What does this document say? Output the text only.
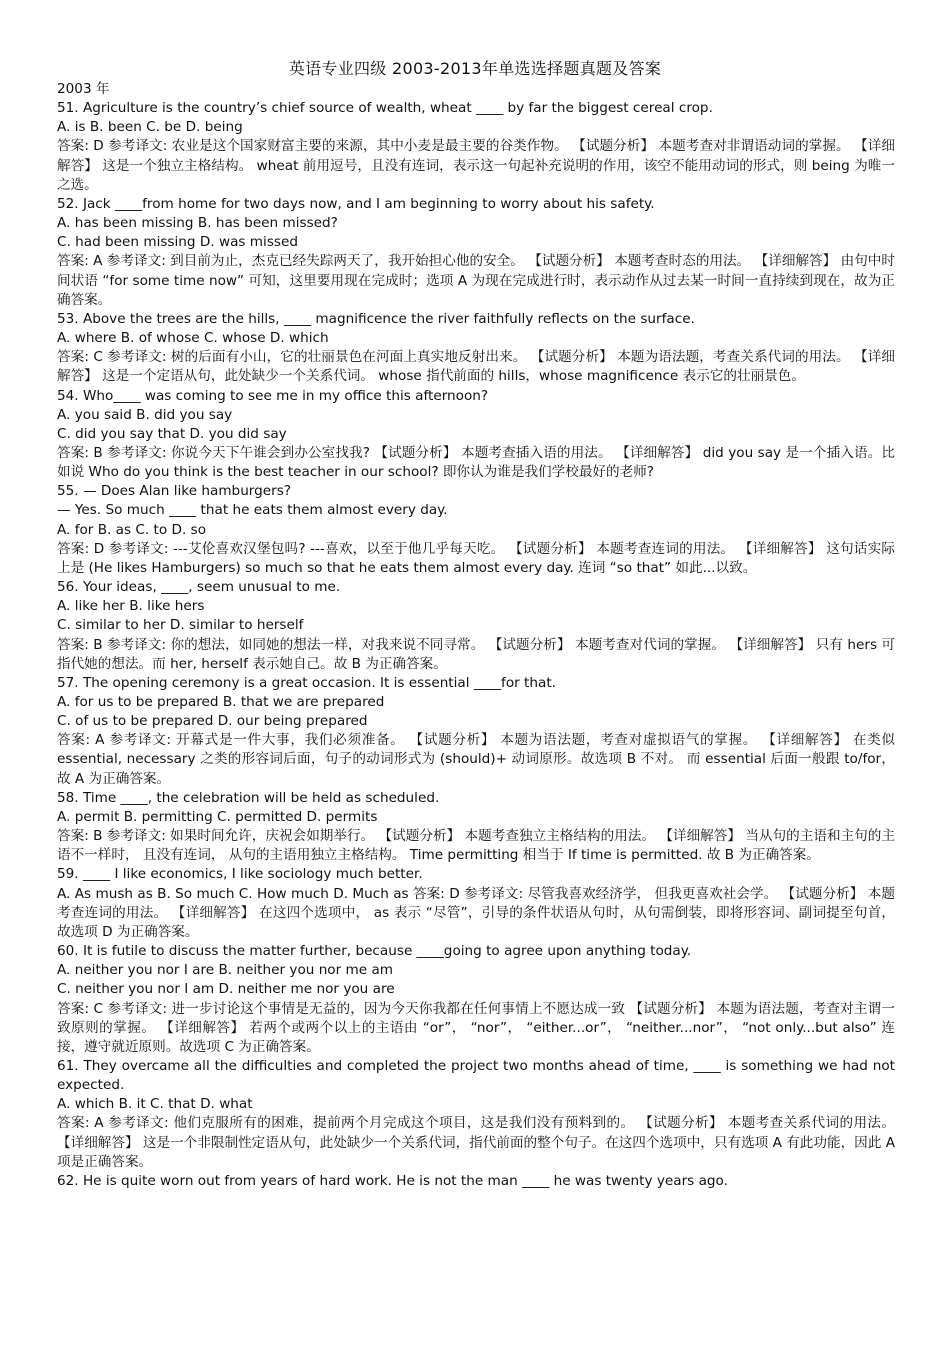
英语专业四级 2003-2013年单选选择题真题及答案
2003 年
51. Agriculture is the country’s chief source of wealth, wheat ____ by far the biggest cereal crop.
A. is B. been C. be D. being
答案: D 参考译文: 农业是这个国家财富主要的来源，其中小麦是最主要的谷类作物。 【试题分析】 本题考查对非谓语动词的掌握。 【详细解答】 这是一个独立主格结构。 wheat 前用逗号，且没有连词，表示这一句起补充说明的作用，该空不能用动词的形式，则 being 为唯一之选。
52. Jack ____from home for two days now, and I am beginning to worry about his safety.
A. has been missing B. has been missed?
C. had been missing D. was missed
答案: A 参考译文: 到目前为止，杰克已经失踪两天了，我开始担心他的安全。 【试题分析】 本题考查时态的用法。 【详细解答】 由句中时间状语 “for some time now” 可知，这里要用现在完成时；选项 A 为现在完成进行时，表示动作从过去某一时间一直持续到现在，故为正确答案。
53. Above the trees are the hills, ____ magnificence the river faithfully reflects on the surface.
A. where B. of whose C. whose D. which
答案: C 参考译文: 树的后面有小山，它的壮丽景色在河面上真实地反射出来。 【试题分析】 本题为语法题，考查关系代词的用法。 【详细解答】 这是一个定语从句，此处缺少一个关系代词。 whose 指代前面的 hills，whose magnificence 表示它的壮丽景色。
54. Who____ was coming to see me in my office this afternoon?
A. you said B. did you say
C. did you say that D. you did say
答案: B 参考译文: 你说今天下午谁会到办公室找我? 【试题分析】 本题考查插入语的用法。 【详细解答】 did you say 是一个插入语。比如说 Who do you think is the best teacher in our school? 即你认为谁是我们学校最好的老师?
55. — Does Alan like hamburgers?
— Yes. So much ____ that he eats them almost every day.
A. for B. as C. to D. so
答案: D 参考译文: ---艾伦喜欢汉堡包吗? ---喜欢，以至于他几乎每天吃。 【试题分析】 本题考查连词的用法。 【详细解答】 这句话实际上是 (He likes Hamburgers) so much so that he eats them almost every day. 连词 “so that” 如此...以致。
56. Your ideas, ____, seem unusual to me.
A. like her B. like hers
C. similar to her D. similar to herself
答案: B 参考译文: 你的想法，如同她的想法一样，对我来说不同寻常。 【试题分析】 本题考查对代词的掌握。 【详细解答】 只有 hers 可指代她的想法。而 her, herself 表示她自己。故 B 为正确答案。
57. The opening ceremony is a great occasion. It is essential ____for that.
A. for us to be prepared B. that we are prepared
C. of us to be prepared D. our being prepared
答案: A 参考译文: 开幕式是一件大事，我们必须准备。 【试题分析】 本题为语法题，考查对虚拟语气的掌握。 【详细解答】 在类似 essential, necessary 之类的形容词后面，句子的动词形式为 (should)+ 动词原形。故选项 B 不对。 而 essential 后面一般跟 to/for，故 A 为正确答案。
58. Time ____, the celebration will be held as scheduled.
A. permit B. permitting C. permitted D. permits
答案: B 参考译文: 如果时间允许，庆祝会如期举行。 【试题分析】 本题考查独立主格结构的用法。 【详细解答】 当从句的主语和主句的主语不一样时， 且没有连词， 从句的主语用独立主格结构。 Time permitting 相当于 If time is permitted. 故 B 为正确答案。
59. ____ I like economics, I like sociology much better.
A. As mush as B. So much C. How much D. Much as 答案: D 参考译文: 尽管我喜欢经济学， 但我更喜欢社会学。 【试题分析】 本题考查连词的用法。 【详细解答】 在这四个选项中， as 表示 “尽管”，引导的条件状语从句时，从句需倒装，即将形容词、副词提至句首，故选项 D 为正确答案。
60. It is futile to discuss the matter further, because ____going to agree upon anything today.
A. neither you nor I are B. neither you nor me am
C. neither you nor I am D. neither me nor you are
答案: C 参考译文: 进一步讨论这个事情是无益的，因为今天你我都在任何事情上不愿达成一致 【试题分析】 本题为语法题，考查对主谓一致原则的掌握。 【详细解答】 若两个或两个以上的主语由 “or”， “nor”， “either...or”， “neither...nor”， “not only...but also” 连接，遵守就近原则。故选项 C 为正确答案。
61. They overcame all the difficulties and completed the project two months ahead of time, ____ is something we had not expected.
A. which B. it C. that D. what
答案: A 参考译文: 他们克服所有的困难，提前两个月完成这个项目，这是我们没有预料到的。 【试题分析】 本题考查关系代词的用法。 【详细解答】 这是一个非限制性定语从句，此处缺少一个关系代词，指代前面的整个句子。在这四个选项中，只有选项 A 有此功能，因此 A 项是正确答案。
62. He is quite worn out from years of hard work. He is not the man ____ he was twenty years ago.
